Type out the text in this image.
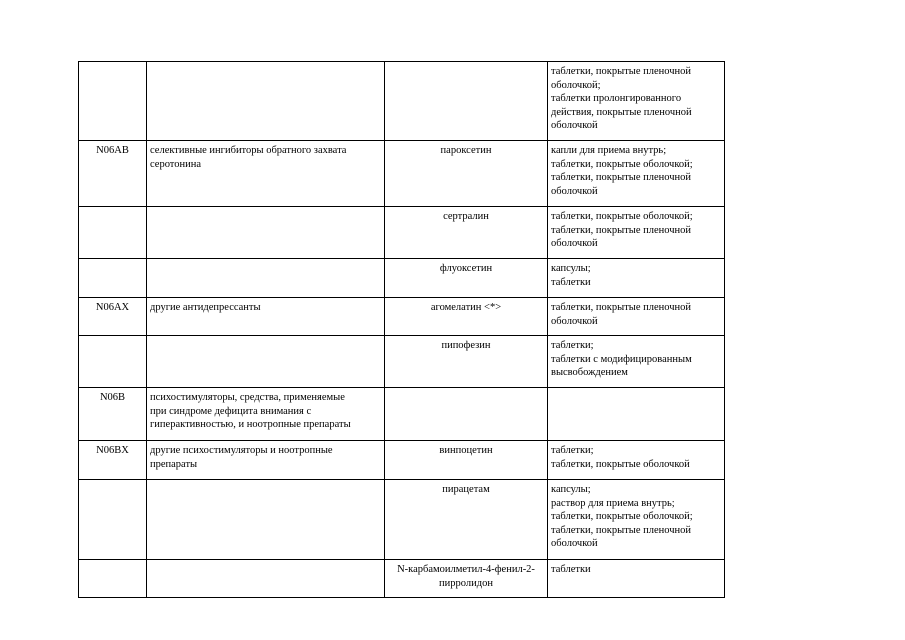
			таблетки, покрытые пленочной
оболочкой;
таблетки пролонгированного
действия, покрытые пленочной
оболочкой

N06AB	селективные ингибиторы обратного захвата
серотонина	пароксетин	капли для приема внутрь;
таблетки, покрытые оболочкой;
таблетки, покрытые пленочной
оболочкой

		сертралин	таблетки, покрытые оболочкой;
таблетки, покрытые пленочной
оболочкой

		флуоксетин	капсулы;
таблетки

N06AX	другие антидепрессанты	агомелатин <*>	таблетки, покрытые пленочной
оболочкой

		пипофезин	таблетки;
таблетки с модифицированным
высвобождением

N06B	психостимуляторы, средства, применяемые
при синдроме дефицита внимания с
гиперактивностью, и ноотропные препараты		

N06BX	другие психостимуляторы и ноотропные
препараты	винпоцетин	таблетки;
таблетки, покрытые оболочкой

		пирацетам	капсулы;
раствор для приема внутрь;
таблетки, покрытые оболочкой;
таблетки, покрытые пленочной
оболочкой

		N-карбамоилметил-4-фенил-2-
пирролидон	таблетки
